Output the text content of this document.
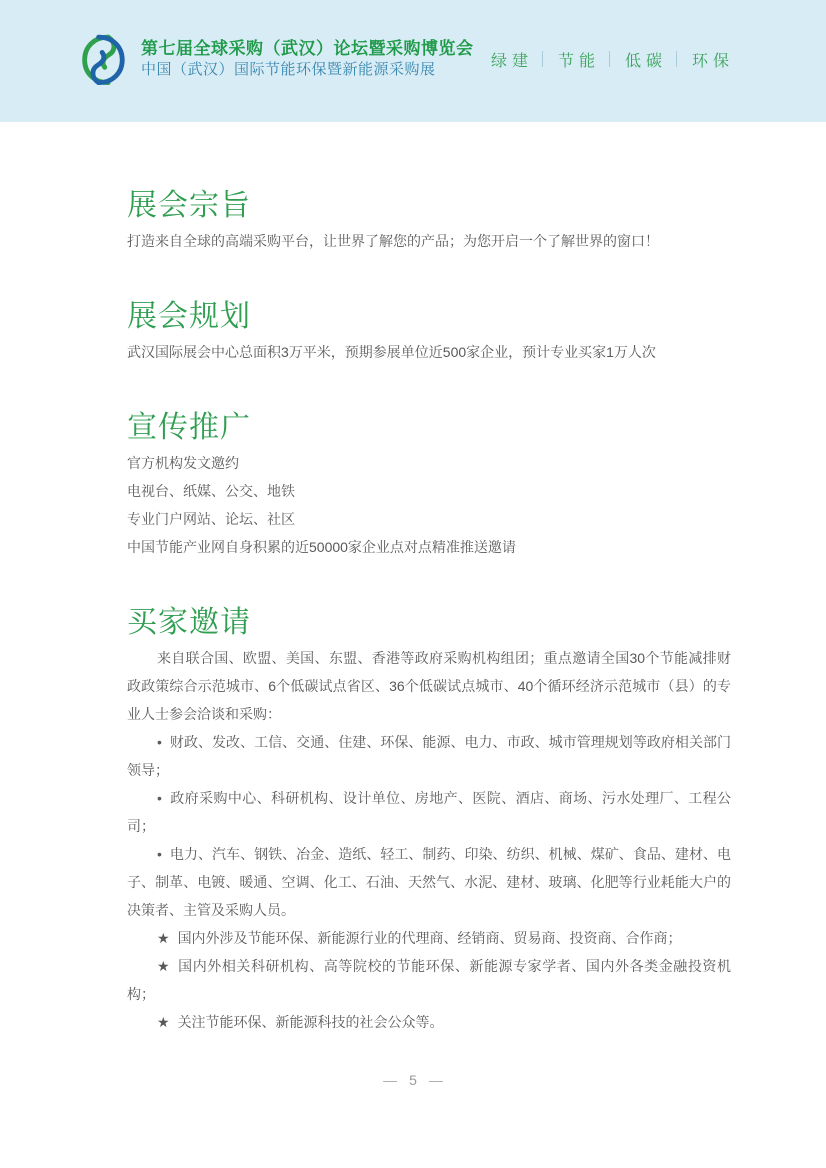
第七届全球采购（武汉）论坛暨采购博览会
中国（武汉）国际节能环保暨新能源采购展
绿建 节能 低碳 环保
展会宗旨

打造来自全球的高端采购平台，让世界了解您的产品；为您开启一个了解世界的窗口！

展会规划

武汉国际展会中心总面积3万平米，预期参展单位近500家企业，预计专业买家1万人次

宣传推广

官方机构发文邀约

电视台、纸媒、公交、地铁

专业门户网站、论坛、社区

中国节能产业网自身积累的近50000家企业点对点精准推送邀请

买家邀请

来自联合国、欧盟、美国、东盟、香港等政府采购机构组团；重点邀请全国30个节能减排财政政策综合示范城市、6个低碳试点省区、36个低碳试点城市、40个循环经济示范城市（县）的专业人士参会洽谈和采购：

• 财政、发改、工信、交通、住建、环保、能源、电力、市政、城市管理规划等政府相关部门领导；

• 政府采购中心、科研机构、设计单位、房地产、医院、酒店、商场、污水处理厂、工程公司；

• 电力、汽车、钢铁、冶金、造纸、轻工、制药、印染、纺织、机械、煤矿、食品、建材、电子、制革、电镀、暖通、空调、化工、石油、天然气、水泥、建材、玻璃、化肥等行业耗能大户的决策者、主管及采购人员。

★ 国内外涉及节能环保、新能源行业的代理商、经销商、贸易商、投资商、合作商；

★ 国内外相关科研机构、高等院校的节能环保、新能源专家学者、国内外各类金融投资机构；

★ 关注节能环保、新能源科技的社会公众等。

— 5 —
